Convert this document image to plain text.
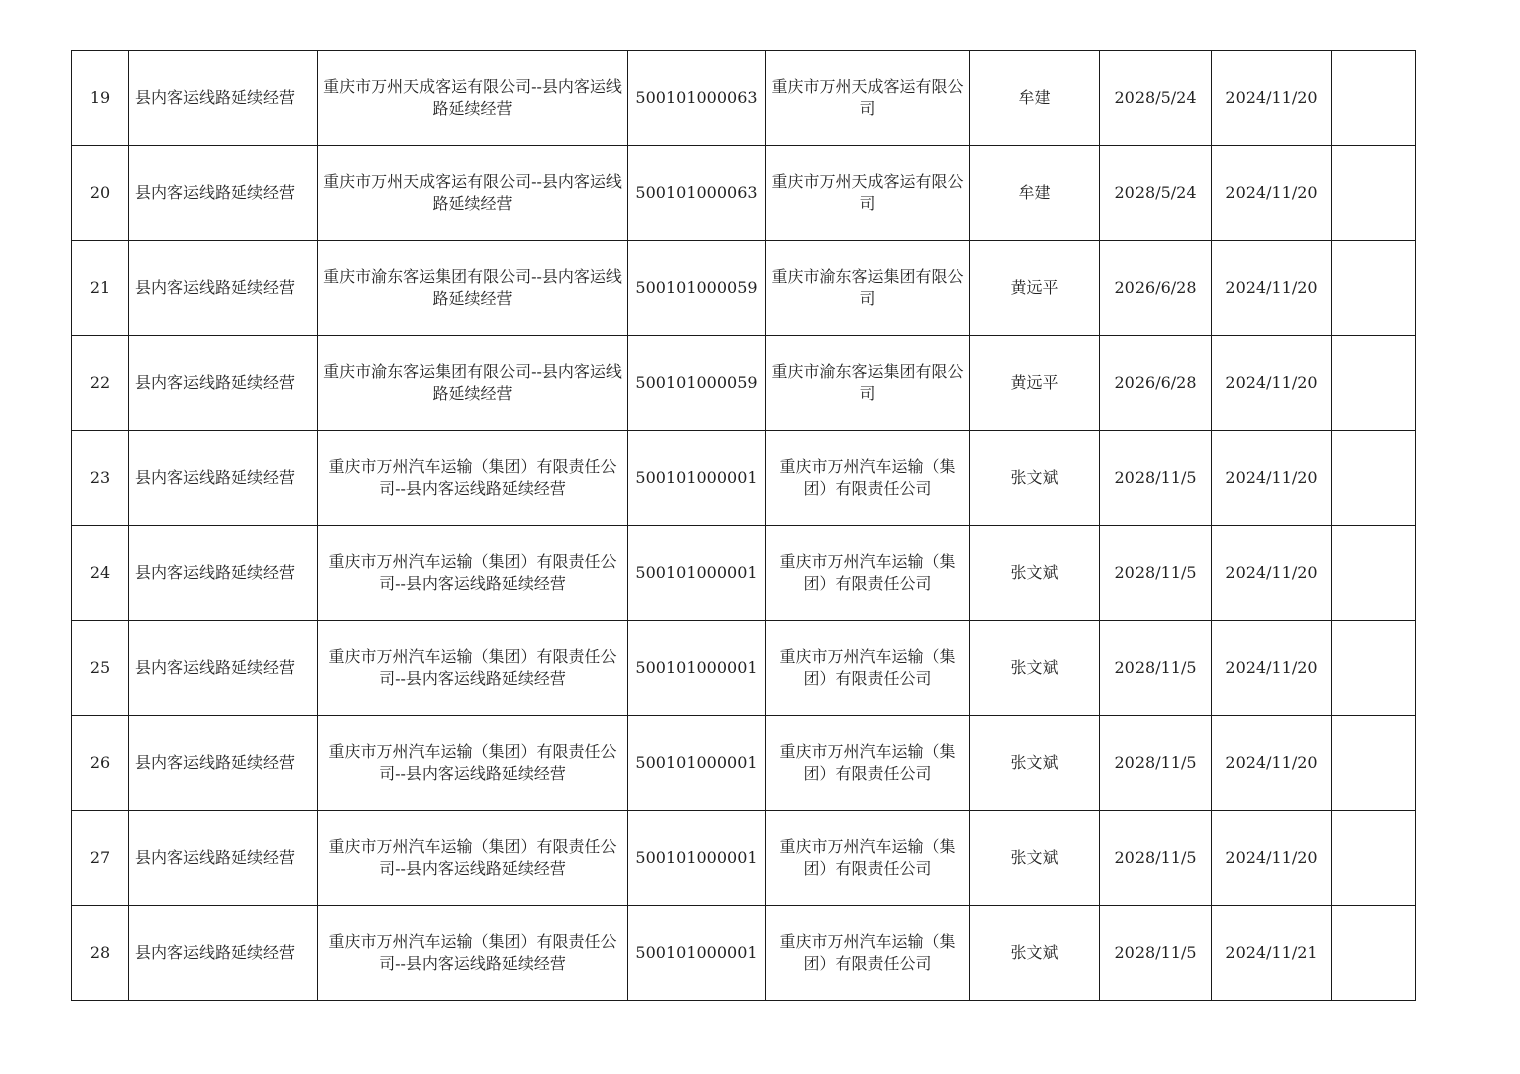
19	县内客运线路延续经营	重庆市万州天成客运有限公司--县内客运线路延续经营	500101000063	重庆市万州天成客运有限公司	牟建	2028/5/24	2024/11/20	
20	县内客运线路延续经营	重庆市万州天成客运有限公司--县内客运线路延续经营	500101000063	重庆市万州天成客运有限公司	牟建	2028/5/24	2024/11/20	
21	县内客运线路延续经营	重庆市渝东客运集团有限公司--县内客运线路延续经营	500101000059	重庆市渝东客运集团有限公司	黄远平	2026/6/28	2024/11/20	
22	县内客运线路延续经营	重庆市渝东客运集团有限公司--县内客运线路延续经营	500101000059	重庆市渝东客运集团有限公司	黄远平	2026/6/28	2024/11/20	
23	县内客运线路延续经营	重庆市万州汽车运输（集团）有限责任公司--县内客运线路延续经营	500101000001	重庆市万州汽车运输（集团）有限责任公司	张文斌	2028/11/5	2024/11/20	
24	县内客运线路延续经营	重庆市万州汽车运输（集团）有限责任公司--县内客运线路延续经营	500101000001	重庆市万州汽车运输（集团）有限责任公司	张文斌	2028/11/5	2024/11/20	
25	县内客运线路延续经营	重庆市万州汽车运输（集团）有限责任公司--县内客运线路延续经营	500101000001	重庆市万州汽车运输（集团）有限责任公司	张文斌	2028/11/5	2024/11/20	
26	县内客运线路延续经营	重庆市万州汽车运输（集团）有限责任公司--县内客运线路延续经营	500101000001	重庆市万州汽车运输（集团）有限责任公司	张文斌	2028/11/5	2024/11/20	
27	县内客运线路延续经营	重庆市万州汽车运输（集团）有限责任公司--县内客运线路延续经营	500101000001	重庆市万州汽车运输（集团）有限责任公司	张文斌	2028/11/5	2024/11/20	
28	县内客运线路延续经营	重庆市万州汽车运输（集团）有限责任公司--县内客运线路延续经营	500101000001	重庆市万州汽车运输（集团）有限责任公司	张文斌	2028/11/5	2024/11/21	
